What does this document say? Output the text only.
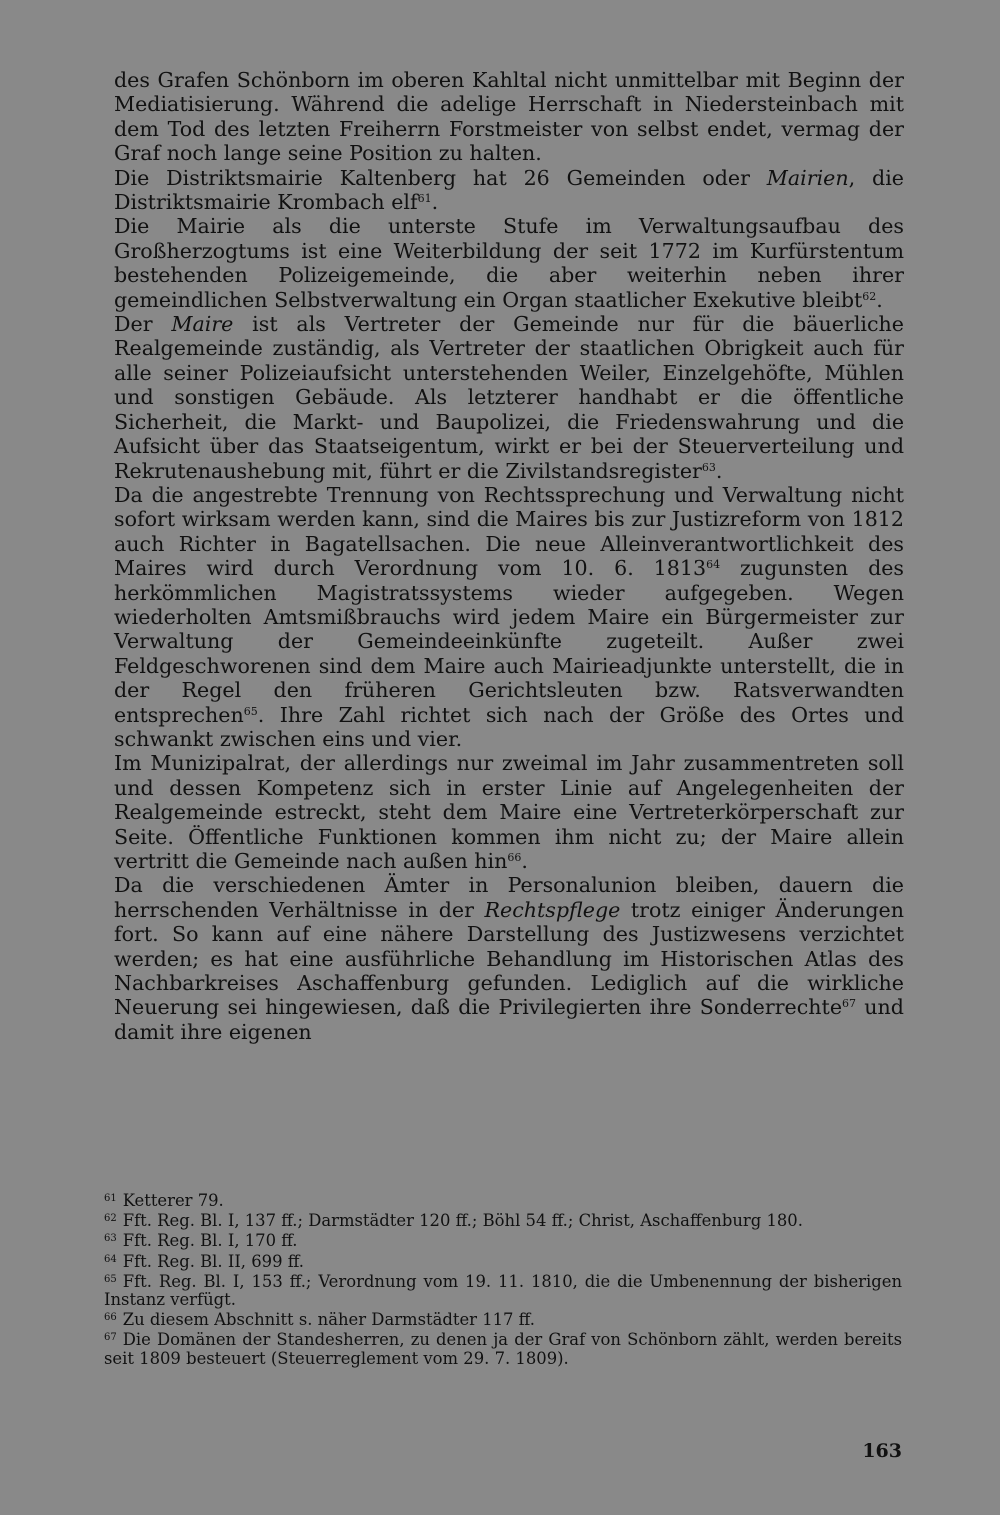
des Grafen Schönborn im oberen Kahltal nicht unmittelbar mit Beginn der Mediatisierung. Während die adelige Herrschaft in Niedersteinbach mit dem Tod des letzten Freiherrn Forstmeister von selbst endet, vermag der Graf noch lange seine Position zu halten.

Die Distriktsmairie Kaltenberg hat 26 Gemeinden oder Mairien, die Distriktsmairie Krombach elf$^{61}$.

Die Mairie als die unterste Stufe im Verwaltungsaufbau des Großherzogtums ist eine Weiterbildung der seit 1772 im Kurfürstentum bestehenden Polizeigemeinde, die aber weiterhin neben ihrer gemeindlichen Selbstverwaltung ein Organ staatlicher Exekutive bleibt$^{62}$.

Der Maire ist als Vertreter der Gemeinde nur für die bäuerliche Realgemeinde zuständig, als Vertreter der staatlichen Obrigkeit auch für alle seiner Polizeiaufsicht unterstehenden Weiler, Einzelgehöfte, Mühlen und sonstigen Gebäude. Als letzterer handhabt er die öffentliche Sicherheit, die Markt- und Baupolizei, die Friedenswahrung und die Aufsicht über das Staatseigentum, wirkt er bei der Steuerverteilung und Rekrutenaushebung mit, führt er die Zivilstandsregister$^{63}$.

Da die angestrebte Trennung von Rechtssprechung und Verwaltung nicht sofort wirksam werden kann, sind die Maires bis zur Justizreform von 1812 auch Richter in Bagatellsachen. Die neue Alleinverantwortlichkeit des Maires wird durch Verordnung vom 10. 6. 1813$^{64}$ zugunsten des herkömmlichen Magistratssystems wieder aufgegeben. Wegen wiederholten Amtsmißbrauchs wird jedem Maire ein Bürgermeister zur Verwaltung der Gemeindeeinkünfte zugeteilt. Außer zwei Feldgeschworenen sind dem Maire auch Mairieadjunkte unterstellt, die in der Regel den früheren Gerichtsleuten bzw. Ratsverwandten entsprechen$^{65}$. Ihre Zahl richtet sich nach der Größe des Ortes und schwankt zwischen eins und vier.

Im Munizipalrat, der allerdings nur zweimal im Jahr zusammentreten soll und dessen Kompetenz sich in erster Linie auf Angelegenheiten der Realgemeinde estreckt, steht dem Maire eine Vertreterkörperschaft zur Seite. Öffentliche Funktionen kommen ihm nicht zu; der Maire allein vertritt die Gemeinde nach außen hin$^{66}$.

Da die verschiedenen Ämter in Personalunion bleiben, dauern die herrschenden Verhältnisse in der Rechtspflege trotz einiger Änderungen fort. So kann auf eine nähere Darstellung des Justizwesens verzichtet werden; es hat eine ausführliche Behandlung im Historischen Atlas des Nachbarkreises Aschaffenburg gefunden. Lediglich auf die wirkliche Neuerung sei hingewiesen, daß die Privilegierten ihre Sonderrechte$^{67}$ und damit ihre eigenen

$^{61}$ Ketterer 79.

$^{62}$ Fft. Reg. Bl. I, 137 ff.; Darmstädter 120 ff.; Böhl 54 ff.; Christ, Aschaffenburg 180.

$^{63}$ Fft. Reg. Bl. I, 170 ff.

$^{64}$ Fft. Reg. Bl. II, 699 ff.

$^{65}$ Fft. Reg. Bl. I, 153 ff.; Verordnung vom 19. 11. 1810, die die Umbenennung der bisherigen Instanz verfügt.

$^{66}$ Zu diesem Abschnitt s. näher Darmstädter 117 ff.

$^{67}$ Die Domänen der Standesherren, zu denen ja der Graf von Schönborn zählt, werden bereits seit 1809 besteuert (Steuerreglement vom 29. 7. 1809).

163
